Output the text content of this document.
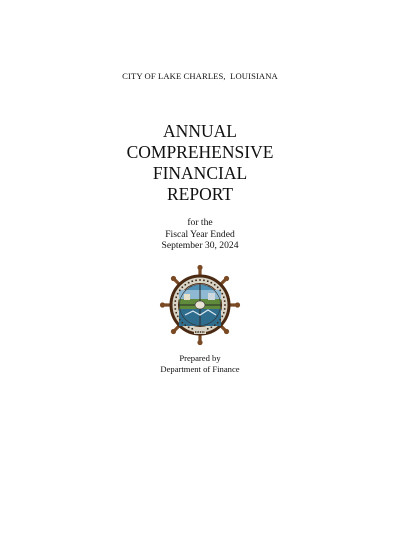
CITY OF LAKE CHARLES,  LOUISIANA

ANNUAL
COMPREHENSIVE
FINANCIAL
REPORT
for the
Fiscal Year Ended
September 30, 2024
Prepared by
Department of Finance
